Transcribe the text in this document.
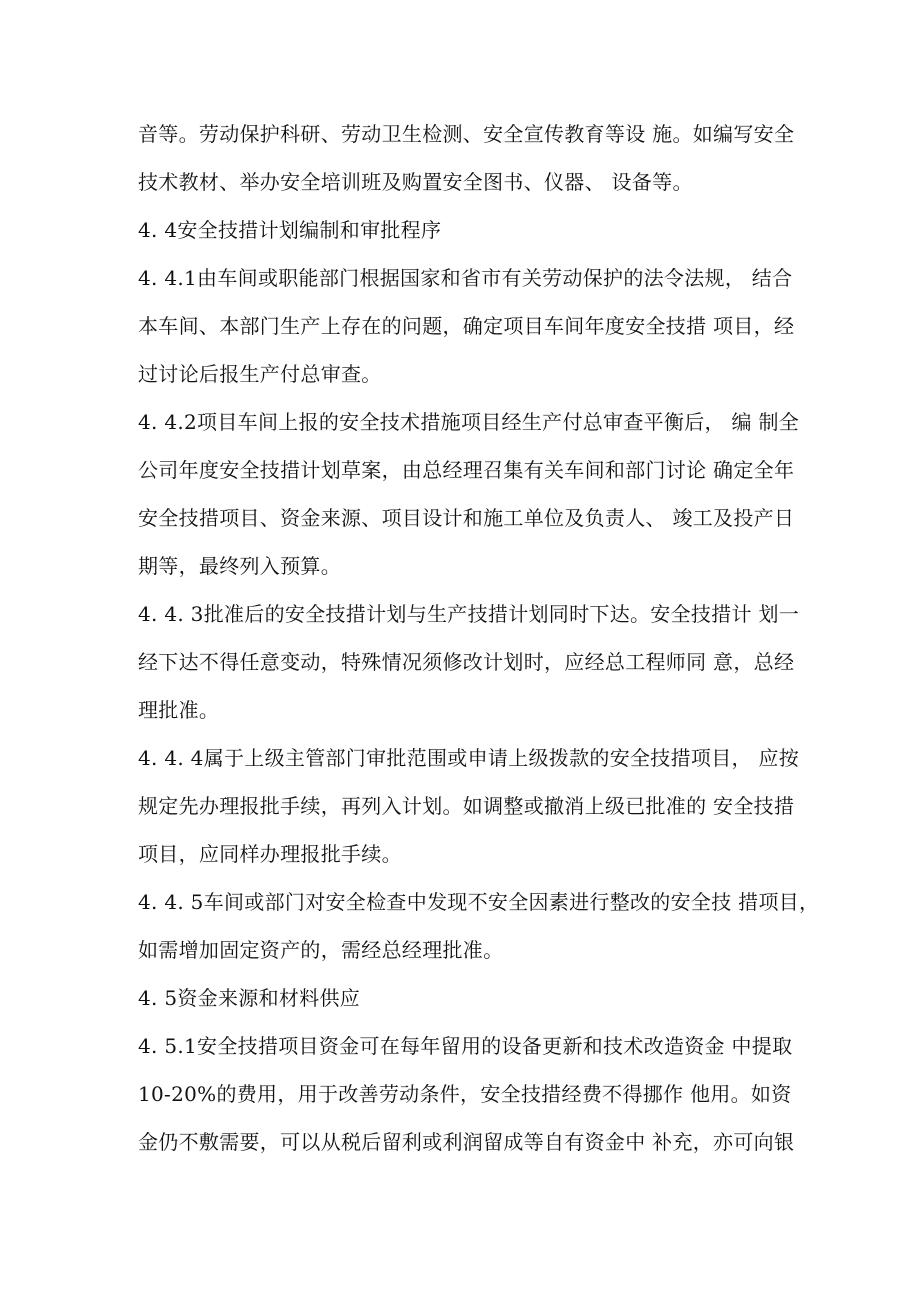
音等。劳动保护科研、劳动卫生检测、安全宣传教育等设 施。如编写安全
技术教材、举办安全培训班及购置安全图书、仪器、 设备等。
4. 4安全技措计划编制和审批程序
4. 4.1由车间或职能部门根据国家和省市有关劳动保护的法令法规， 结合
本车间、本部门生产上存在的问题，确定项目车间年度安全技措 项目，经
过讨论后报生产付总审查。
4. 4.2项目车间上报的安全技术措施项目经生产付总审查平衡后， 编 制全
公司年度安全技措计划草案，由总经理召集有关车间和部门讨论 确定全年
安全技措项目、资金来源、项目设计和施工单位及负责人、 竣工及投产日
期等，最终列入预算。
4. 4. 3批准后的安全技措计划与生产技措计划同时下达。安全技措计 划一
经下达不得任意变动，特殊情况须修改计划时，应经总工程师同 意，总经
理批准。
4. 4. 4属于上级主管部门审批范围或申请上级拨款的安全技措项目， 应按
规定先办理报批手续，再列入计划。如调整或撤消上级已批准的 安全技措
项目，应同样办理报批手续。
4. 4. 5车间或部门对安全检查中发现不安全因素进行整改的安全技 措项目，
如需增加固定资产的，需经总经理批准。
4. 5资金来源和材料供应
4. 5.1安全技措项目资金可在每年留用的设备更新和技术改造资金 中提取
10-20%的费用，用于改善劳动条件，安全技措经费不得挪作 他用。如资
金仍不敷需要，可以从税后留利或利润留成等自有资金中 补充，亦可向银
